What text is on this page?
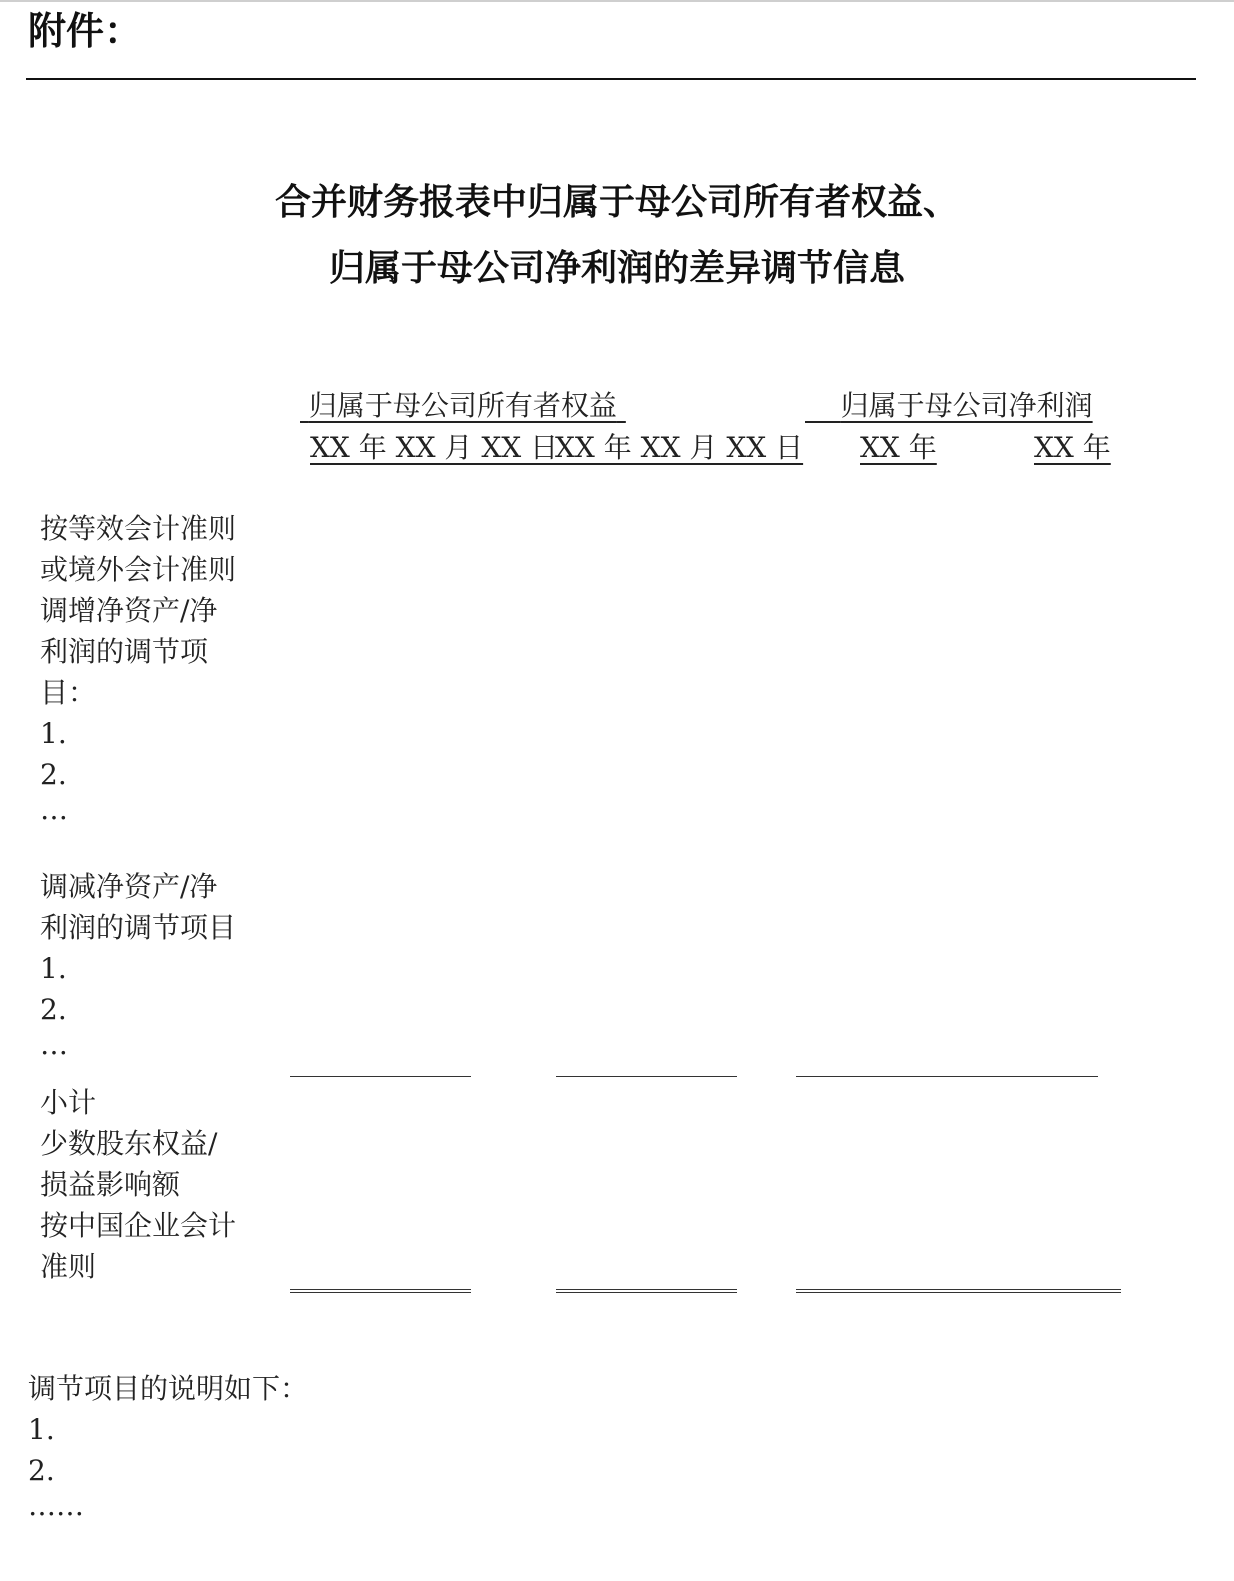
附件：
合并财务报表中归属于母公司所有者权益、
归属于母公司净利润的差异调节信息
归属于母公司所有者权益	归属于母公司净利润
XX 年 XX 月 XX 日
XX 年 XX 月 XX 日 XX 年	XX 年
按等效会计准则
或境外会计准则
调增净资产/净
利润的调节项
目：
1.
2.
…
调减净资产/净
利润的调节项目
1.
2.
…
小计
少数股东权益/
损益影响额
按中国企业会计
准则
调节项目的说明如下：
1.
2.
……
